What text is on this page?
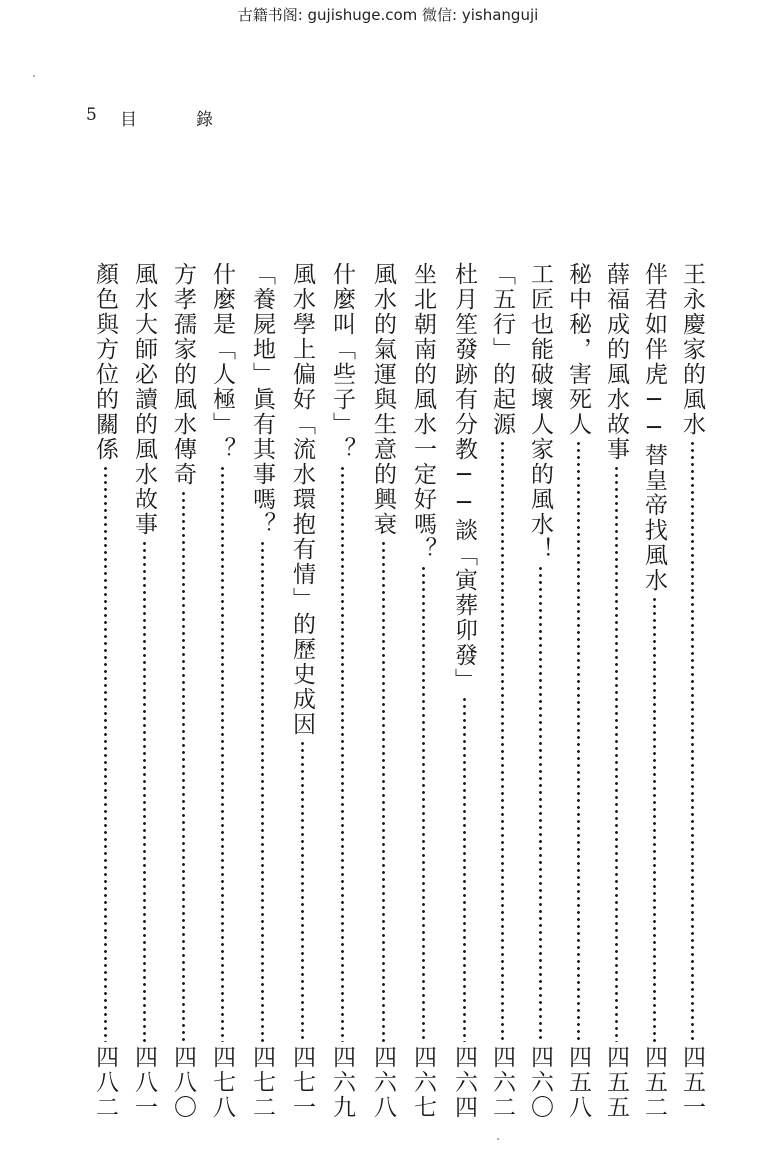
古籍书阁: gujishuge.com 微信: yishanguji
5 目	錄
王永慶家的風水
四五一
伴君如伴虎──替皇帝找風水
四五二
薛福成的風水故事
四五五
秘中秘，害死人
四五八
工匠也能破壞人家的風水！
四六〇
「五行」的起源
四六二
杜月笙發跡有分教──談「寅葬卯發」
四六四
坐北朝南的風水一定好嗎？
四六七
風水的氣運與生意的興衰
四六八
什麼叫「些子」？
四六九
風水學上偏好「流水環抱有情」的歷史成因
四七一
「養屍地」眞有其事嗎？
四七二
什麼是「人極」？
四七八
方孝孺家的風水傳奇
四八〇
風水大師必讀的風水故事
四八一
顏色與方位的關係
四八二
